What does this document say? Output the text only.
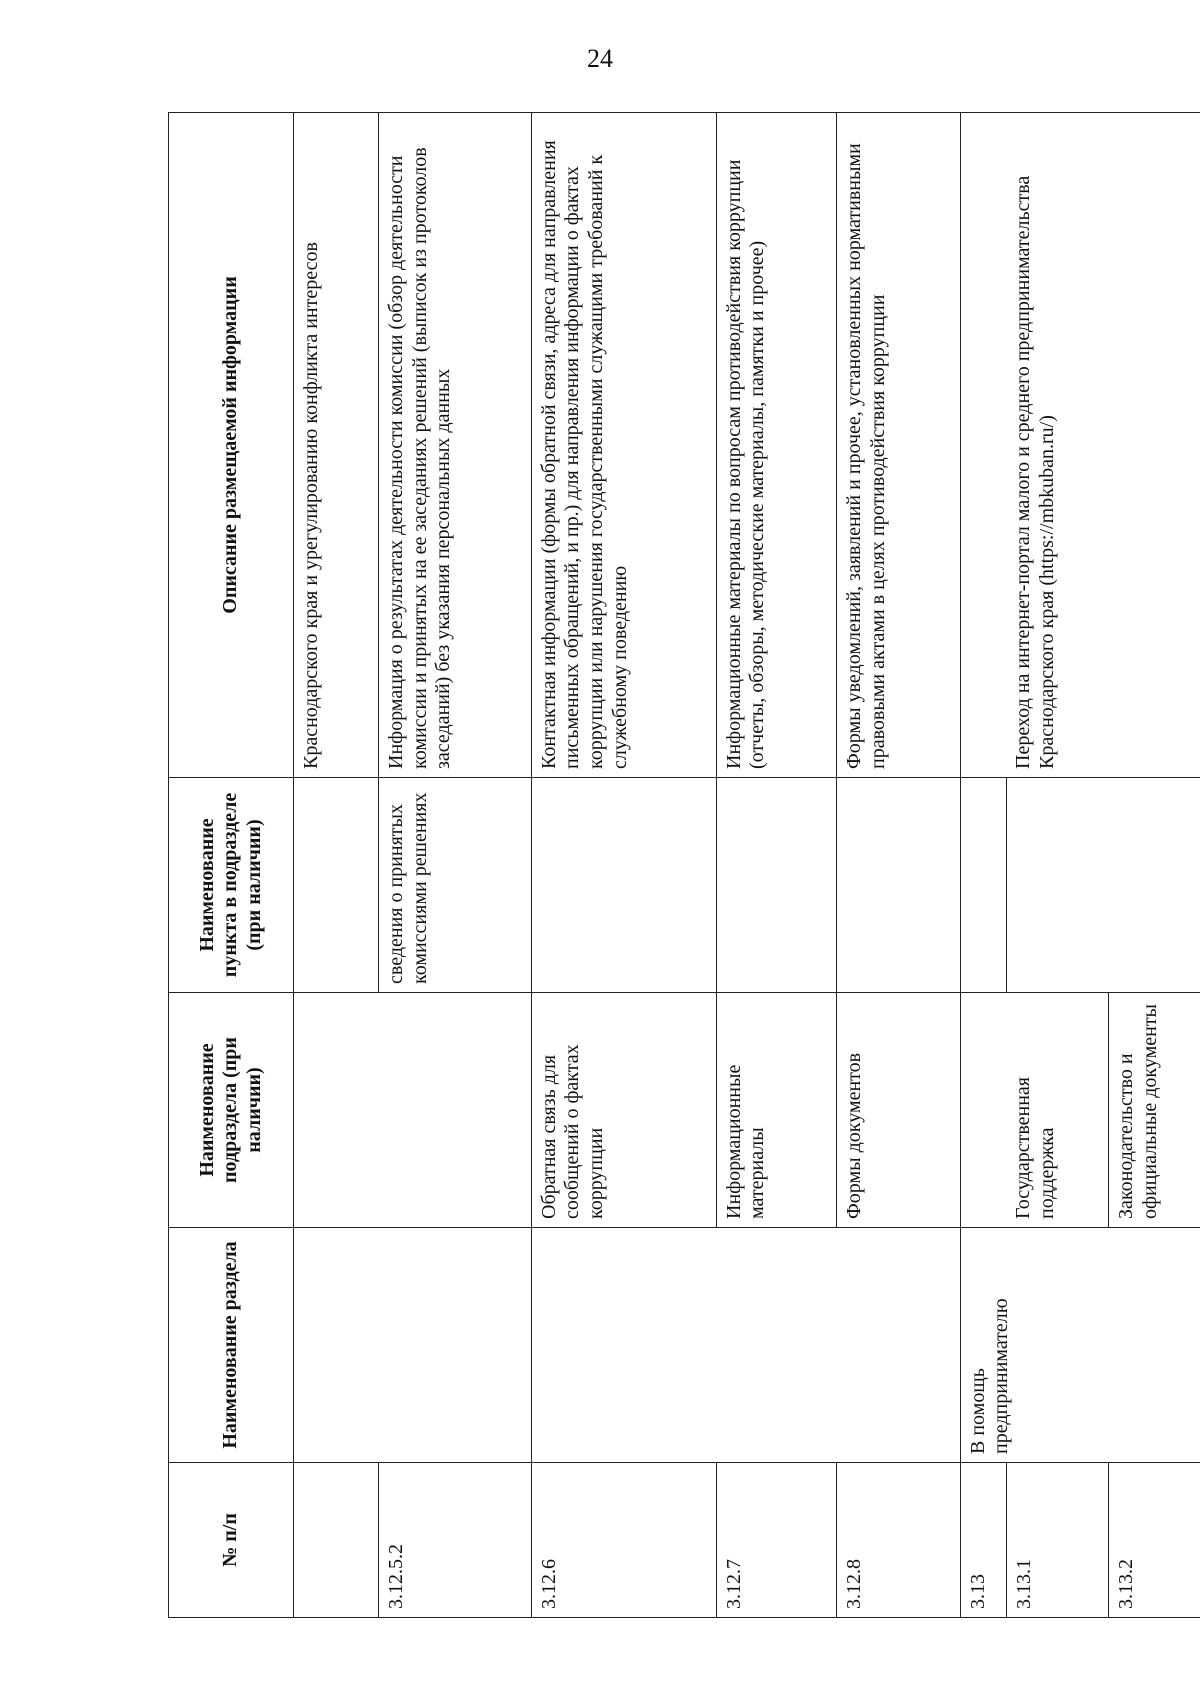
24
№ п/п	Наименование раздела	Наименование подраздела (при наличии)	Наименование пункта в подразделе (при наличии)	Описание размещаемой информации
				Краснодарского края и урегулированию конфликта интересов
3.12.5.2			сведения о принятых комиссиями решениях	Информация о результатах деятельности комиссии (обзор деятельности комиссии и принятых на ее заседаниях решений (выписок из протоколов заседаний) без указания персональных данных
3.12.6		Обратная связь для сообщений о фактах коррупции		Контактная информации (формы обратной связи, адреса для направления письменных обращений, и пр.) для направления информации о фактах коррупции или нарушения государственными служащими требований к служебному поведению
3.12.7		Информационные материалы		Информационные материалы по вопросам противодействия коррупции (отчеты, обзоры, методические материалы, памятки и прочее)
3.12.8		Формы документов		Формы уведомлений, заявлений и прочее, установленных нормативными правовыми актами в целях противодействия коррупции
3.13	В помощь предпринимателю			
3.13.1		Государственная поддержка		Переход на интернет-портал малого и среднего предпринимательства Краснодарского края (https://mbkuban.ru/)
3.13.2		Законодательство и официальные документы		
